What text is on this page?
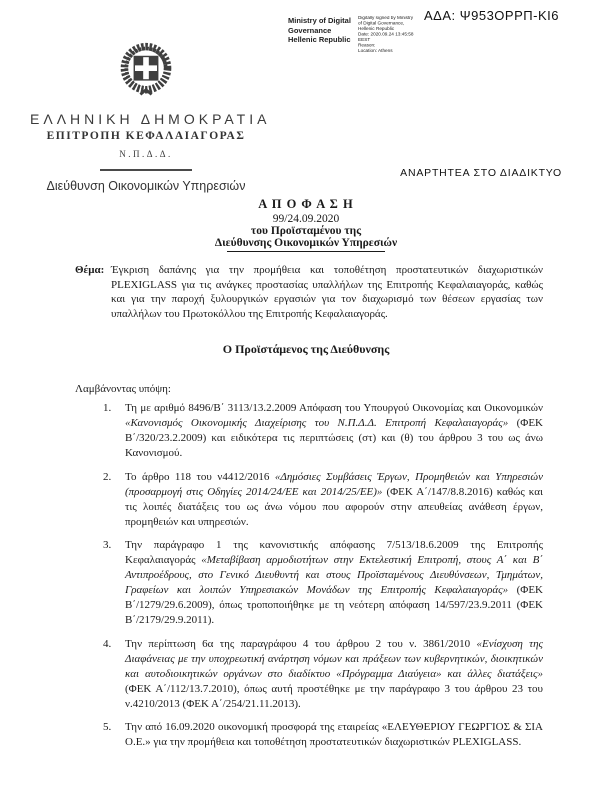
ΑΔΑ: Ψ953ΟΡΡΠ-ΚΙ6
Ministry of Digital
Governance
Hellenic Republic
Digitally signed by Ministry
of Digital Governance,
Hellenic Republic
Date: 2020.09.24 13:45:58
EEST
Reason:
Location: Athens
ΕΛΛΗΝΙΚΗ ΔΗΜΟΚΡΑΤΙΑ
ΕΠΙΤΡΟΠΗ ΚΕΦΑΛΑΙΑΓΟΡΑΣ
Ν.Π.Δ.Δ.
Διεύθυνση Οικονομικών Υπηρεσιών
ΑΝΑΡΤΗΤΕΑ ΣΤΟ ΔΙΑΔΙΚΤΥΟ
Α Π Ο Φ Α Σ Η
99/24.09.2020
του Προϊσταμένου της
Διεύθυνσης Οικονομικών Υπηρεσιών
Θέμα: Έγκριση δαπάνης για την προμήθεια και τοποθέτηση προστατευτικών διαχωριστικών PLEXIGLASS για τις ανάγκες προστασίας υπαλλήλων της Επιτροπής Κεφαλαιαγοράς, καθώς και για την παροχή ξυλουργικών εργασιών για τον διαχωρισμό των θέσεων εργασίας των υπαλλήλων του Πρωτοκόλλου της Επιτροπής Κεφαλαιαγοράς.
Ο Προϊστάμενος της Διεύθυνσης
Λαμβάνοντας υπόψη:
1. Τη με αριθμό 8496/Β΄ 3113/13.2.2009 Απόφαση του Υπουργού Οικονομίας και Οικονομικών «Κανονισμός Οικονομικής Διαχείρισης του Ν.Π.Δ.Δ. Επιτροπή Κεφαλαιαγοράς» (ΦΕΚ Β΄/320/23.2.2009) και ειδικότερα τις περιπτώσεις (στ) και (θ) του άρθρου 3 του ως άνω Κανονισμού.
2. Το άρθρο 118 του ν4412/2016 «Δημόσιες Συμβάσεις Έργων, Προμηθειών και Υπηρεσιών (προσαρμογή στις Οδηγίες 2014/24/ΕΕ και 2014/25/ΕΕ)» (ΦΕΚ Α΄/147/8.8.2016) καθώς και τις λοιπές διατάξεις του ως άνω νόμου που αφορούν στην απευθείας ανάθεση έργων, προμηθειών και υπηρεσιών.
3. Την παράγραφο 1 της κανονιστικής απόφασης 7/513/18.6.2009 της Επιτροπής Κεφαλαιαγοράς «Μεταβίβαση αρμοδιοτήτων στην Εκτελεστική Επιτροπή, στους Α΄ και Β΄ Αντιπροέδρους, στο Γενικό Διευθυντή και στους Προϊσταμένους Διευθύνσεων, Τμημάτων, Γραφείων και λοιπών Υπηρεσιακών Μονάδων της Επιτροπής Κεφαλαιαγοράς» (ΦΕΚ Β΄/1279/29.6.2009), όπως τροποποιήθηκε με τη νεότερη απόφαση 14/597/23.9.2011 (ΦΕΚ Β΄/2179/29.9.2011).
4. Την περίπτωση 6α της παραγράφου 4 του άρθρου 2 του ν. 3861/2010 «Ενίσχυση της Διαφάνειας με την υποχρεωτική ανάρτηση νόμων και πράξεων των κυβερνητικών, διοικητικών και αυτοδιοικητικών οργάνων στο διαδίκτυο «Πρόγραμμα Διαύγεια» και άλλες διατάξεις» (ΦΕΚ Α΄/112/13.7.2010), όπως αυτή προστέθηκε με την παράγραφο 3 του άρθρου 23 του ν.4210/2013 (ΦΕΚ Α΄/254/21.11.2013).
5. Την από 16.09.2020 οικονομική προσφορά της εταιρείας «ΕΛΕΥΘΕΡΙΟΥ ΓΕΩΡΓΙΟΣ & ΣΙΑ Ο.Ε.» για την προμήθεια και τοποθέτηση προστατευτικών διαχωριστικών PLEXIGLASS.
